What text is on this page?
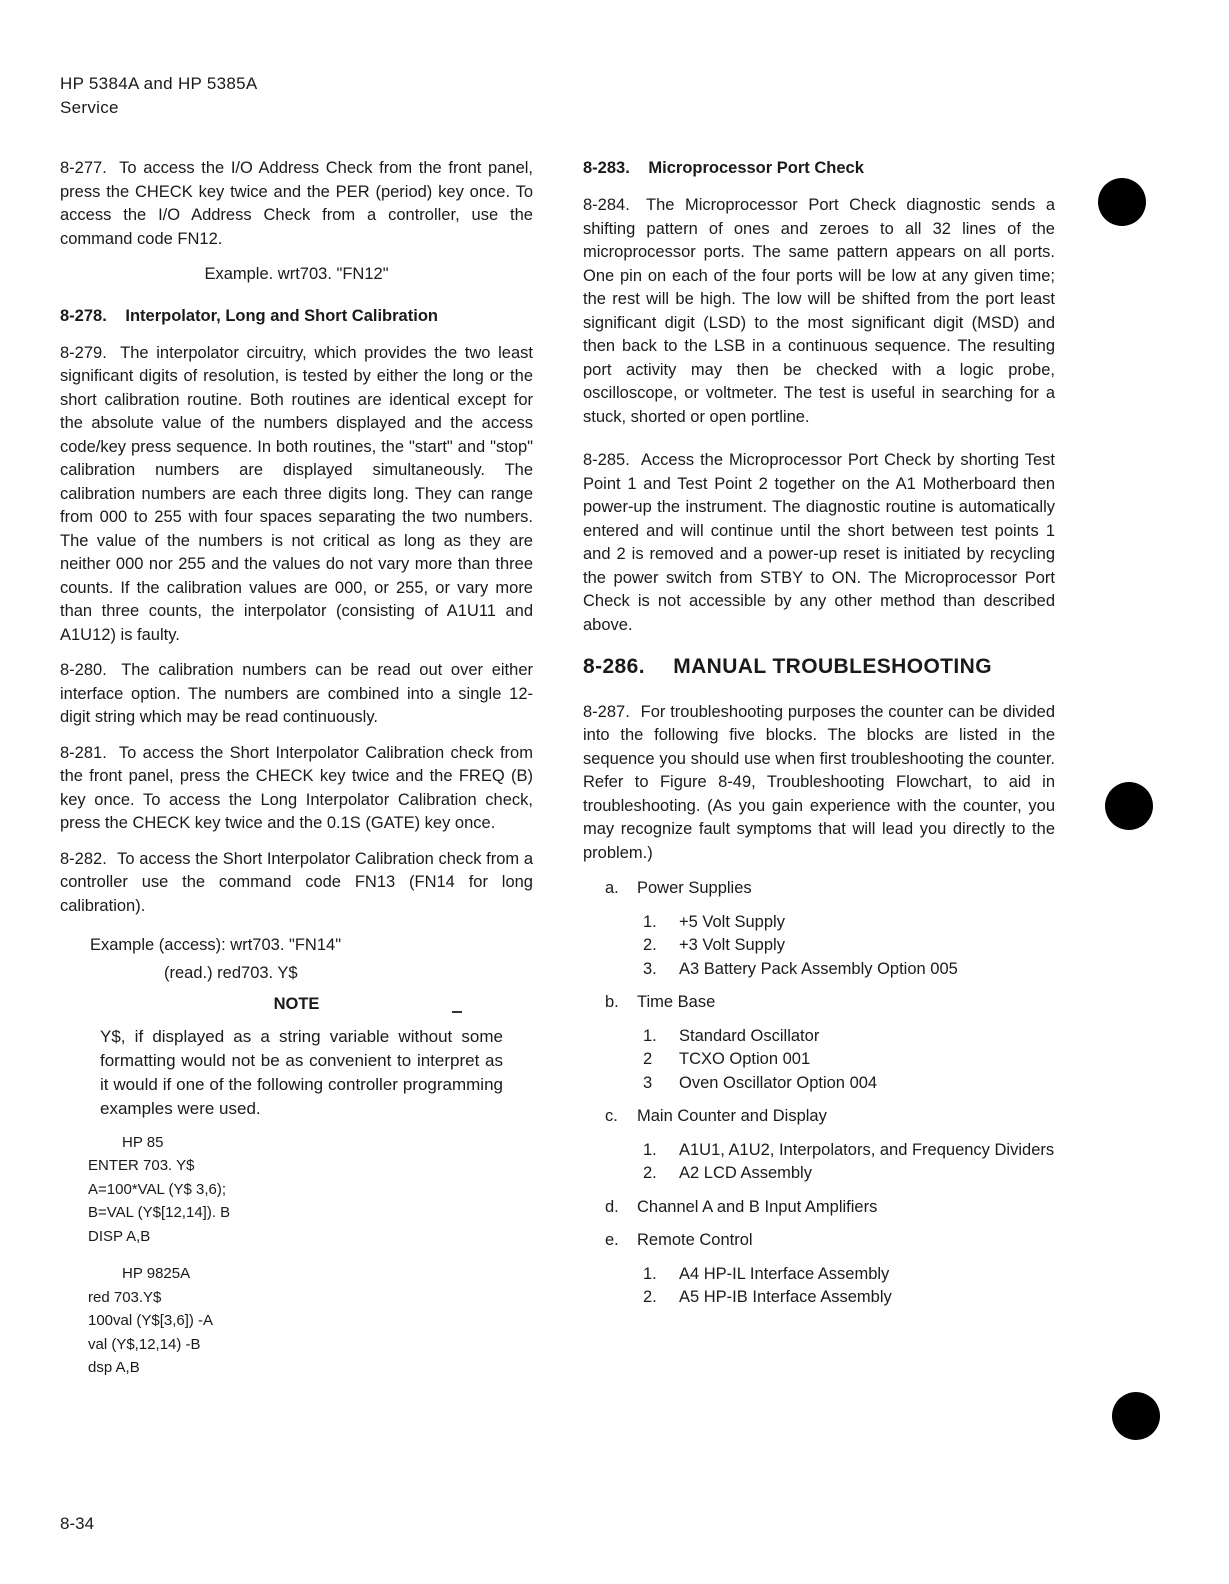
HP 5384A and HP 5385A
Service

8-277. To access the I/O Address Check from the front panel, press the CHECK key twice and the PER (period) key once. To access the I/O Address Check from a controller, use the command code FN12.

Example. wrt703. "FN12"
8-278. Interpolator, Long and Short Calibration

8-279. The interpolator circuitry, which provides the two least significant digits of resolution, is tested by either the long or the short calibration routine. Both routines are identical except for the absolute value of the numbers displayed and the access code/key press sequence. In both routines, the "start" and "stop" calibration numbers are displayed simultaneously. The calibration numbers are each three digits long. They can range from 000 to 255 with four spaces separating the two numbers. The value of the numbers is not critical as long as they are neither 000 nor 255 and the values do not vary more than three counts. If the calibration values are 000, or 255, or vary more than three counts, the interpolator (consisting of A1U11 and A1U12) is faulty.

8-280. The calibration numbers can be read out over either interface option. The numbers are combined into a single 12-digit string which may be read continuously.

8-281. To access the Short Interpolator Calibration check from the front panel, press the CHECK key twice and the FREQ (B) key once. To access the Long Interpolator Calibration check, press the CHECK key twice and the 0.1S (GATE) key once.

8-282. To access the Short Interpolator Calibration check from a controller use the command code FN13 (FN14 for long calibration).

Example (access): wrt703. "FN14"
(read.) red703. Y$
NOTE
Y$, if displayed as a string variable without some formatting would not be as convenient to interpret as it would if one of the following controller programming examples were used.
HP 85
ENTER 703. Y$
A=100*VAL (Y$ 3,6);
B=VAL (Y$[12,14]). B
DISP A,B
HP 9825A
red 703.Y$
100val (Y$[3,6]) -A
val (Y$,12,14) -B
dsp A,B
8-283. Microprocessor Port Check

8-284. The Microprocessor Port Check diagnostic sends a shifting pattern of ones and zeroes to all 32 lines of the microprocessor ports. The same pattern appears on all ports. One pin on each of the four ports will be low at any given time; the rest will be high. The low will be shifted from the port least significant digit (LSD) to the most significant digit (MSD) and then back to the LSB in a continuous sequence. The resulting port activity may then be checked with a logic probe, oscilloscope, or voltmeter. The test is useful in searching for a stuck, shorted or open portline.

8-285. Access the Microprocessor Port Check by shorting Test Point 1 and Test Point 2 together on the A1 Motherboard then power-up the instrument. The diagnostic routine is automatically entered and will continue until the short between test points 1 and 2 is removed and a power-up reset is initiated by recycling the power switch from STBY to ON. The Microprocessor Port Check is not accessible by any other method than described above.

8-286. MANUAL TROUBLESHOOTING

8-287. For troubleshooting purposes the counter can be divided into the following five blocks. The blocks are listed in the sequence you should use when first troubleshooting the counter. Refer to Figure 8-49, Troubleshooting Flowchart, to aid in troubleshooting. (As you gain experience with the counter, you may recognize fault symptoms that will lead you directly to the problem.)

a. Power Supplies
1.	+5 Volt Supply
2.	+3 Volt Supply
3.	A3 Battery Pack Assembly Option 005
b. Time Base
1.	Standard Oscillator
2	TCXO Option 001
3	Oven Oscillator Option 004
c. Main Counter and Display
1.	A1U1, A1U2, Interpolators, and Frequency Dividers
2.	A2 LCD Assembly
d. Channel A and B Input Amplifiers
e. Remote Control
1.	A4 HP-IL Interface Assembly
2.	A5 HP-IB Interface Assembly
8-34
